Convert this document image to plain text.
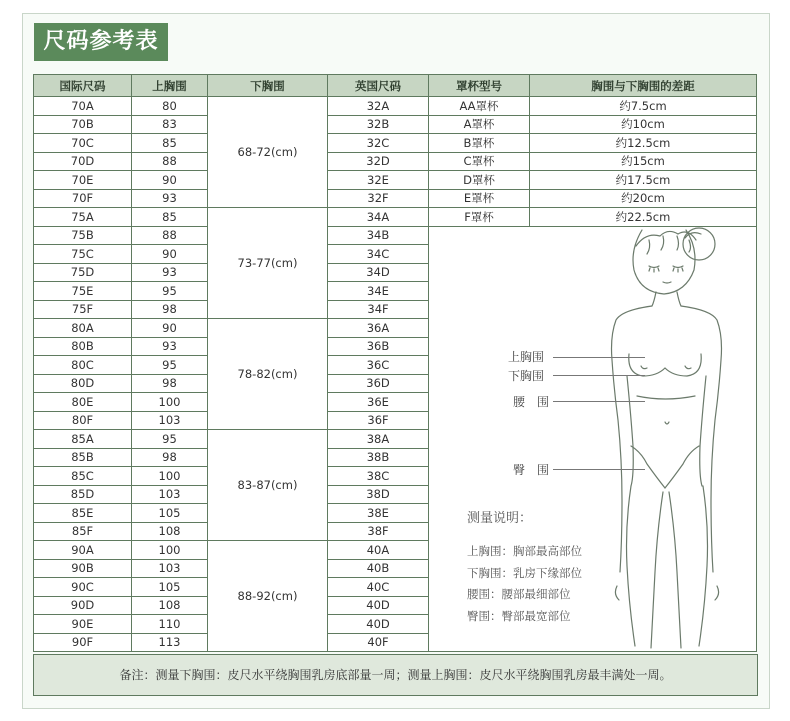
尺码参考表
国际尺码	上胸围	下胸围	英国尺码	罩杯型号	胸围与下胸围的差距
70A	80	68-72(cm)	32A	AA罩杯	约7.5cm
70B	83		32B	A罩杯	约10cm
70C	85		32C	B罩杯	约12.5cm
70D	88		32D	C罩杯	约15cm
70E	90		32E	D罩杯	约17.5cm
70F	93		32F	E罩杯	约20cm
75A	85	73-77(cm)	34A	F罩杯	约22.5cm
75B	88		34B		
75C	90		34C		
75D	93		34D		
75E	95		34E		
75F	98		34F		
80A	90	78-82(cm)	36A		
80B	93		36B		
80C	95		36C		
80D	98		36D		
80E	100		36E		
80F	103		36F		
85A	95	83-87(cm)	38A		
85B	98		38B		
85C	100		38C		
85D	103		38D		
85E	105		38E		
85F	108		38F		
90A	100	88-92(cm)	40A		
90B	103		40B		
90C	105		40C		
90D	108		40D		
90E	110		40D		
90F	113		40F		
上胸围
下胸围
腰　围
臀　围
测量说明：
上胸围：胸部最高部位
下胸围：乳房下缘部位
腰围：腰部最细部位
臀围：臀部最宽部位
备注：测量下胸围：皮尺水平绕胸围乳房底部量一周；测量上胸围：皮尺水平绕胸围乳房最丰满处一周。
